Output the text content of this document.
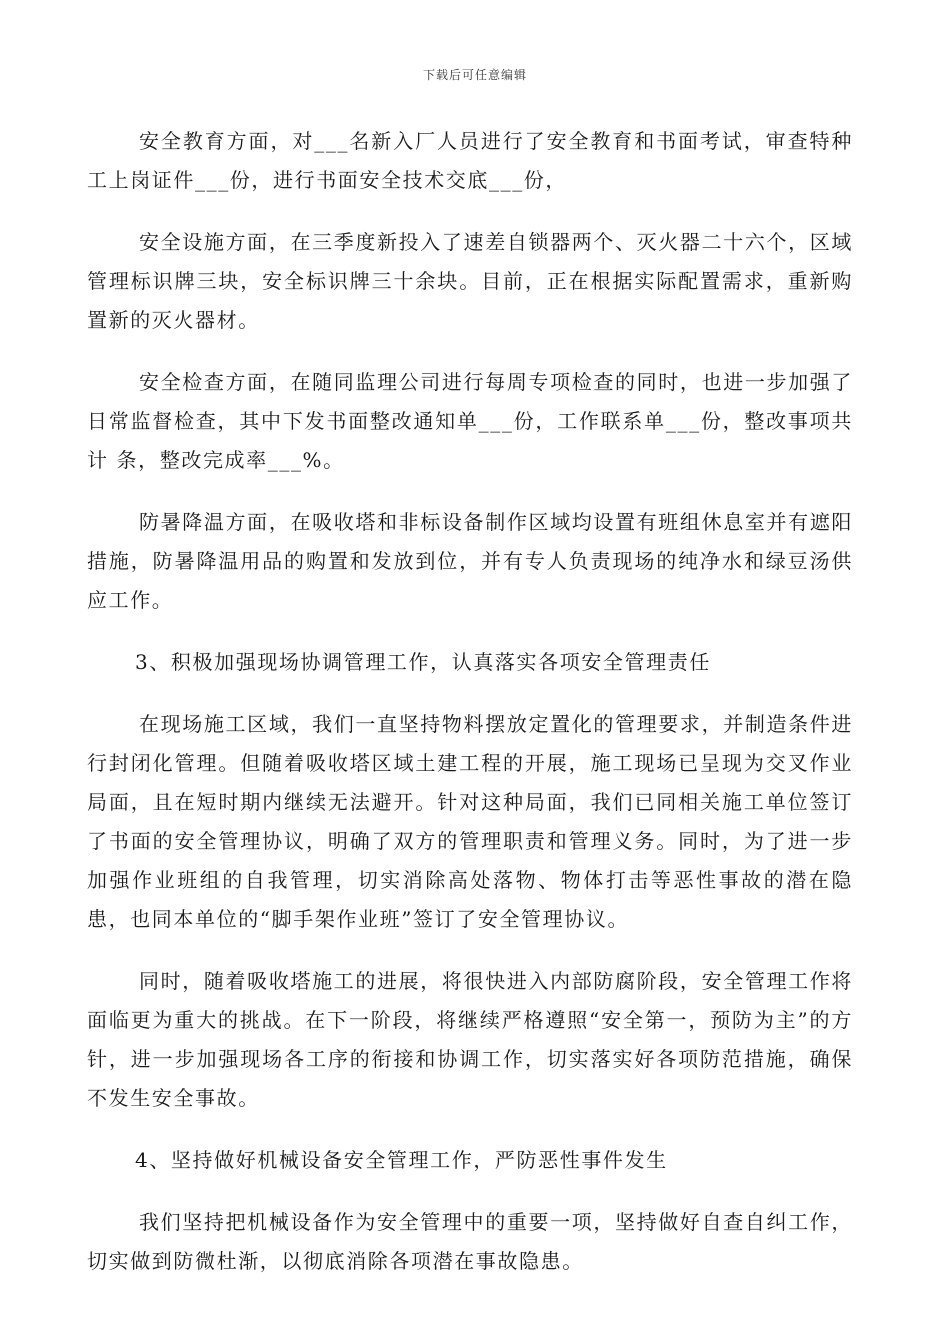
下载后可任意编辑

安全教育方面，对___名新入厂人员进行了安全教育和书面考试，审查特种工上岗证件___份，进行书面安全技术交底___份，

安全设施方面，在三季度新投入了速差自锁器两个、灭火器二十六个，区域管理标识牌三块，安全标识牌三十余块。目前，正在根据实际配置需求，重新购置新的灭火器材。

安全检查方面，在随同监理公司进行每周专项检查的同时，也进一步加强了日常监督检查，其中下发书面整改通知单___份，工作联系单___份，整改事项共计 条，整改完成率___%。

防暑降温方面，在吸收塔和非标设备制作区域均设置有班组休息室并有遮阳措施，防暑降温用品的购置和发放到位，并有专人负责现场的纯净水和绿豆汤供应工作。

3、积极加强现场协调管理工作，认真落实各项安全管理责任

在现场施工区域，我们一直坚持物料摆放定置化的管理要求，并制造条件进行封闭化管理。但随着吸收塔区域土建工程的开展，施工现场已呈现为交叉作业局面，且在短时期内继续无法避开。针对这种局面，我们已同相关施工单位签订了书面的安全管理协议，明确了双方的管理职责和管理义务。同时，为了进一步加强作业班组的自我管理，切实消除高处落物、物体打击等恶性事故的潜在隐患，也同本单位的“脚手架作业班”签订了安全管理协议。

同时，随着吸收塔施工的进展，将很快进入内部防腐阶段，安全管理工作将面临更为重大的挑战。在下一阶段，将继续严格遵照“安全第一，预防为主”的方针，进一步加强现场各工序的衔接和协调工作，切实落实好各项防范措施，确保不发生安全事故。

4、坚持做好机械设备安全管理工作，严防恶性事件发生

我们坚持把机械设备作为安全管理中的重要一项，坚持做好自查自纠工作，切实做到防微杜渐，以彻底消除各项潜在事故隐患。
